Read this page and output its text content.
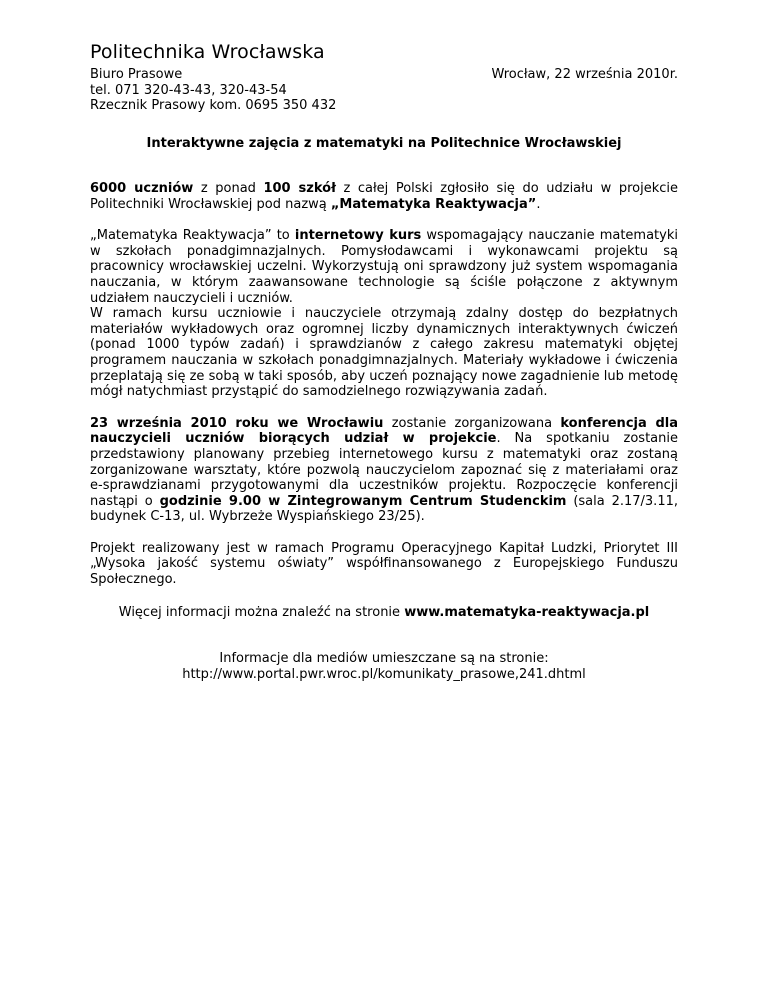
Politechnika Wrocławska
Biuro Prasowe
tel. 071 320-43-43, 320-43-54
Rzecznik Prasowy kom. 0695 350 432
Wrocław, 22 września 2010r.
Interaktywne zajęcia z matematyki na Politechnice Wrocławskiej

6000 uczniów z ponad 100 szkół z całej Polski zgłosiło się do udziału w projekcie Politechniki Wrocławskiej pod nazwą „Matematyka Reaktywacja”.

„Matematyka Reaktywacja” to internetowy kurs wspomagający nauczanie matematyki w szkołach ponadgimnazjalnych. Pomysłodawcami i wykonawcami projektu są pracownicy wrocławskiej uczelni. Wykorzystują oni sprawdzony już system wspomagania nauczania, w którym zaawansowane technologie są ściśle połączone z aktywnym udziałem nauczycieli i uczniów.

W ramach kursu uczniowie i nauczyciele otrzymają zdalny dostęp do bezpłatnych materiałów wykładowych oraz ogromnej liczby dynamicznych interaktywnych ćwiczeń (ponad 1000 typów zadań) i sprawdzianów z całego zakresu matematyki objętej programem nauczania w szkołach ponadgimnazjalnych. Materiały wykładowe i ćwiczenia przeplatają się ze sobą w taki sposób, aby uczeń poznający nowe zagadnienie lub metodę mógł natychmiast przystąpić do samodzielnego rozwiązywania zadań.

23 września 2010 roku we Wrocławiu zostanie zorganizowana konferencja dla nauczycieli uczniów biorących udział w projekcie. Na spotkaniu zostanie przedstawiony planowany przebieg internetowego kursu z matematyki oraz zostaną zorganizowane warsztaty, które pozwolą nauczycielom zapoznać się z materiałami oraz e-sprawdzianami przygotowanymi dla uczestników projektu. Rozpoczęcie konferencji nastąpi o godzinie 9.00 w Zintegrowanym Centrum Studenckim (sala 2.17/3.11, budynek C-13, ul. Wybrzeże Wyspiańskiego 23/25).

Projekt realizowany jest w ramach Programu Operacyjnego Kapitał Ludzki, Priorytet III „Wysoka jakość systemu oświaty” współfinansowanego z Europejskiego Funduszu Społecznego.

Więcej informacji można znaleźć na stronie www.matematyka-reaktywacja.pl

Informacje dla mediów umieszczane są na stronie:
http://www.portal.pwr.wroc.pl/komunikaty_prasowe,241.dhtml
